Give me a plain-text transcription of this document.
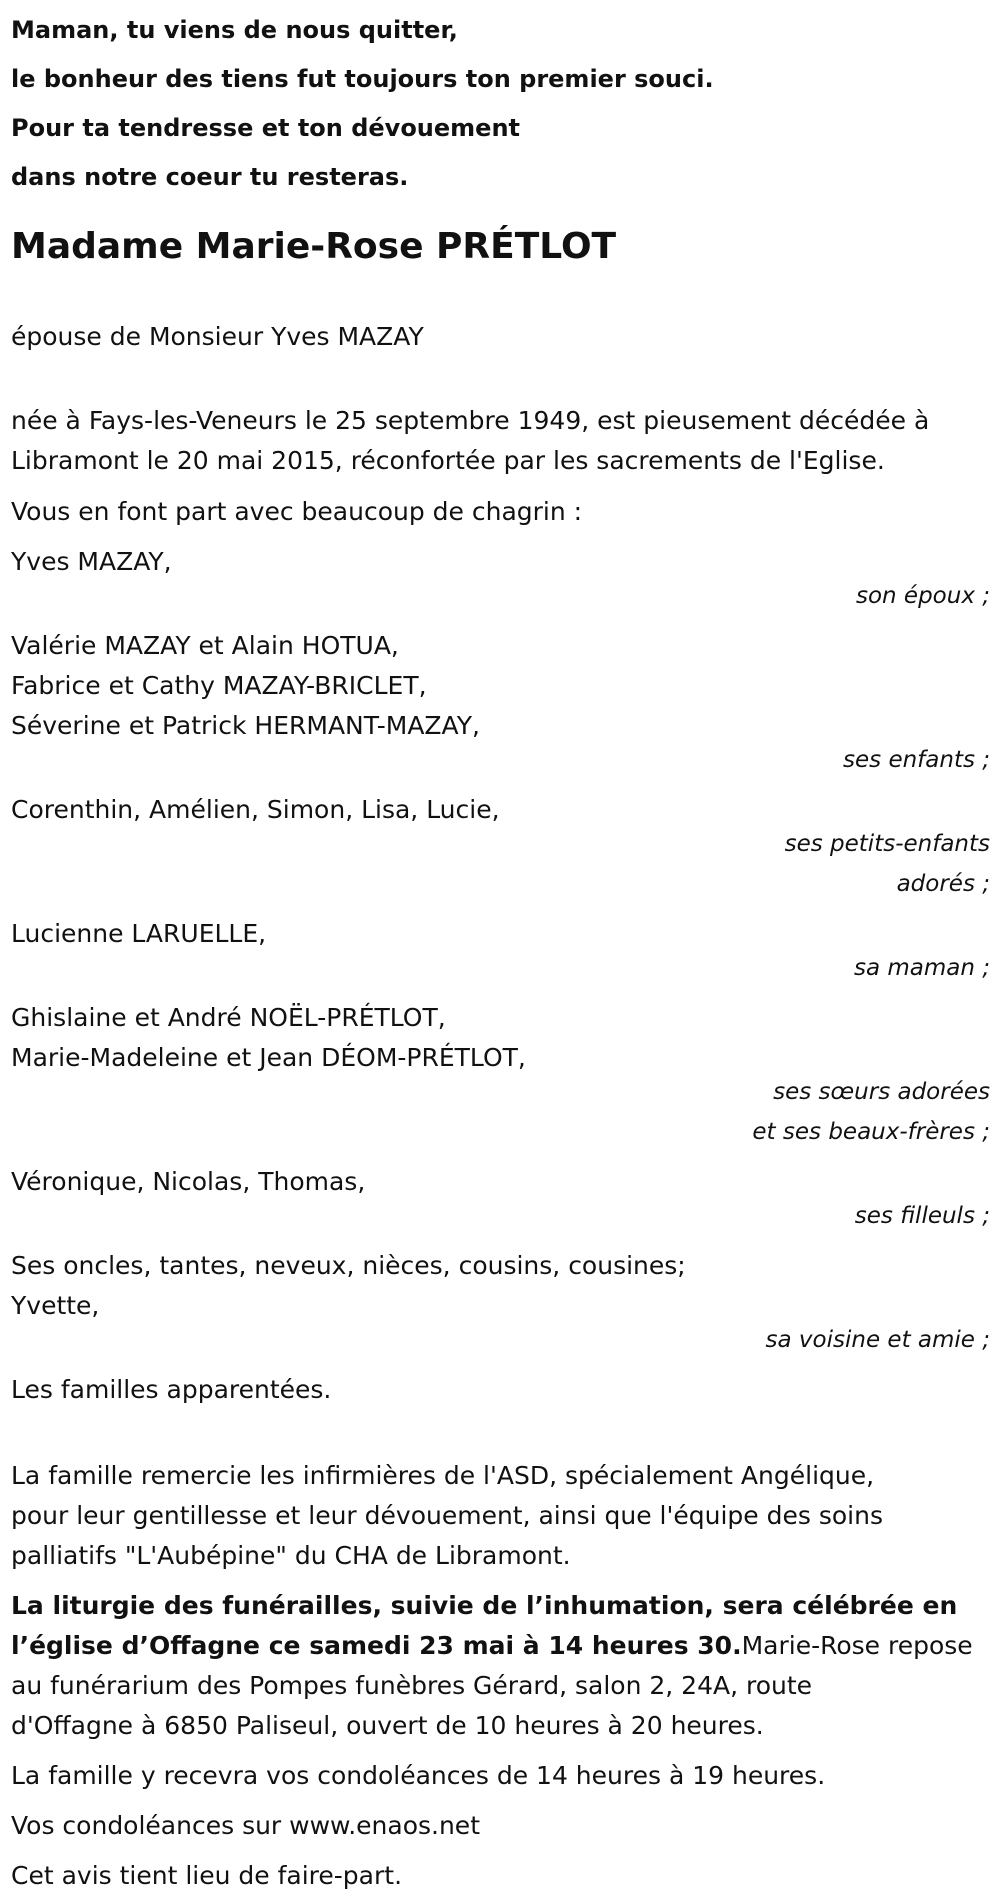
Maman, tu viens de nous quitter,

le bonheur des tiens fut toujours ton premier souci.

Pour ta tendresse et ton dévouement

dans notre coeur tu resteras.

Madame Marie-Rose PRÉTLOT
épouse de Monsieur Yves MAZAY
née à Fays-les-Veneurs le 25 septembre 1949, est pieusement décédée à
Libramont le 20 mai 2015, réconfortée par les sacrements de l'Eglise.
Vous en font part avec beaucoup de chagrin :
Yves MAZAY,
son époux ;
Valérie MAZAY et Alain HOTUA,
Fabrice et Cathy MAZAY-BRICLET,
Séverine et Patrick HERMANT-MAZAY,
ses enfants ;
Corenthin, Amélien, Simon, Lisa, Lucie,
ses petits-enfants
adorés ;
Lucienne LARUELLE,
sa maman ;
Ghislaine et André NOËL-PRÉTLOT,
Marie-Madeleine et Jean DÉOM-PRÉTLOT,
ses sœurs adorées
et ses beaux-frères ;
Véronique, Nicolas, Thomas,
ses filleuls ;
Ses oncles, tantes, neveux, nièces, cousins, cousines;
Yvette,
sa voisine et amie ;
Les familles apparentées.
La famille remercie les infirmières de l'ASD, spécialement Angélique,
pour leur gentillesse et leur dévouement, ainsi que l'équipe des soins
palliatifs "L'Aubépine" du CHA de Libramont.
La liturgie des funérailles, suivie de l’inhumation, sera célébrée en
l’église d’Offagne ce samedi 23 mai à 14 heures 30.Marie-Rose repose
au funérarium des Pompes funèbres Gérard, salon 2, 24A, route
d'Offagne à 6850 Paliseul, ouvert de 10 heures à 20 heures.
La famille y recevra vos condoléances de 14 heures à 19 heures.
Vos condoléances sur www.enaos.net
Cet avis tient lieu de faire-part.
